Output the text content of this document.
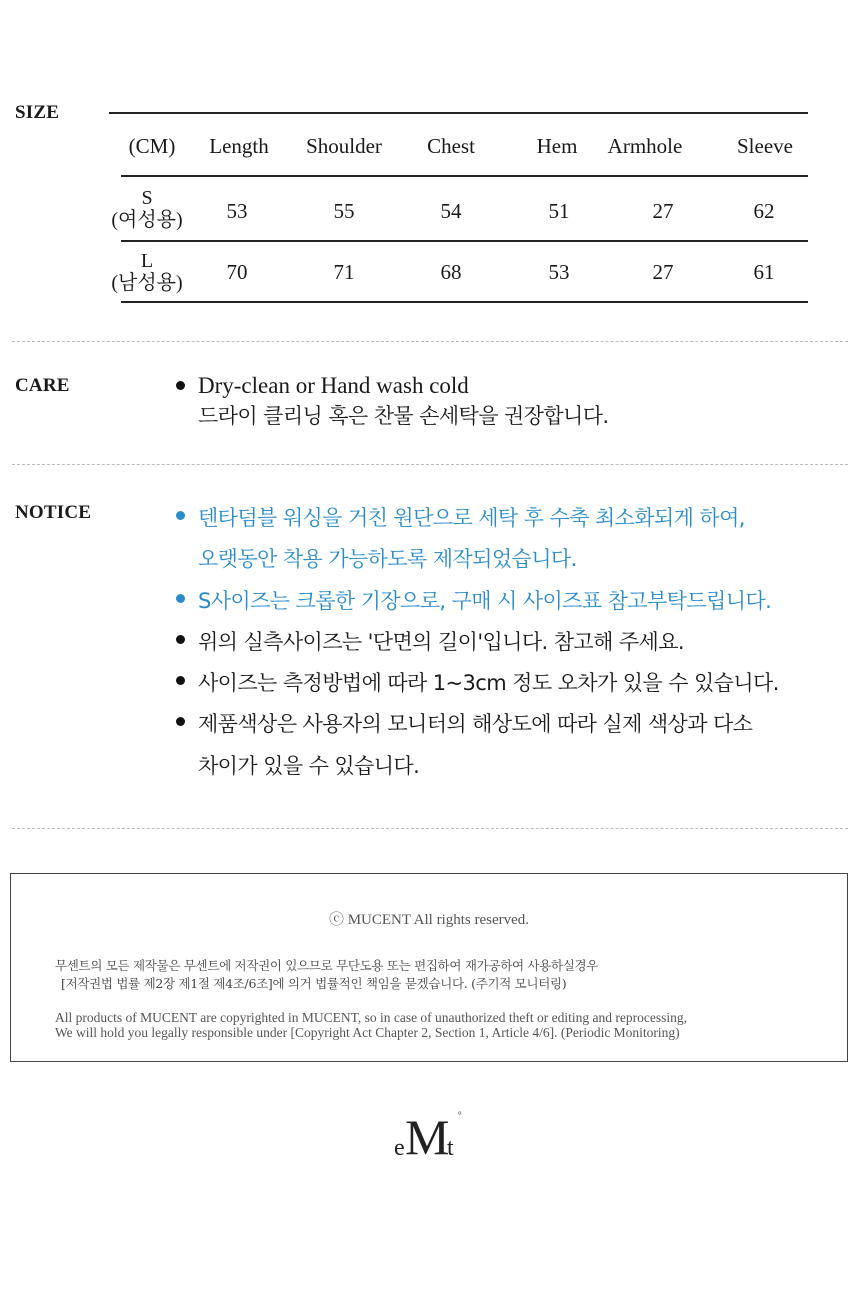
SIZE
(CM) Length Shoulder Chest	Hem Armhole	Sleeve
S
(여성용) 53	55	54	51	27	62
L
(남성용) 70	71	68	53	27	61
CARE	Dry-clean or Hand wash cold
드라이 클리닝 혹은 찬물 손세탁을 권장합니다.
NOTICE	텐타덤블 워싱을 거친 원단으로 세탁 후 수축 최소화되게 하여,
오랫동안 착용 가능하도록 제작되었습니다.
S사이즈는 크롭한 기장으로, 구매 시 사이즈표 참고부탁드립니다.
위의 실측사이즈는 '단면의 길이'입니다. 참고해 주세요.
사이즈는 측정방법에 따라 1~3cm 정도 오차가 있을 수 있습니다.
제품색상은 사용자의 모니터의 해상도에 따라 실제 색상과 다소
차이가 있을 수 있습니다.
ⓒ MUCENT All rights reserved.
무센트의 모든 제작물은 무센트에 저작권이 있으므로 무단도용 또는 편집하여 재가공하여 사용하실경우
[저작권법 법률 제2장 제1절 제4조/6조]에 의거 법률적인 책임을 묻겠습니다. (주기적 모니터링)
All products of MUCENT are copyrighted in MUCENT, so in case of unauthorized theft or editing and reprocessing,
We will hold you legally responsible under [Copyright Act Chapter 2, Section 1, Article 4/6]. (Periodic Monitoring)
e M t
°
